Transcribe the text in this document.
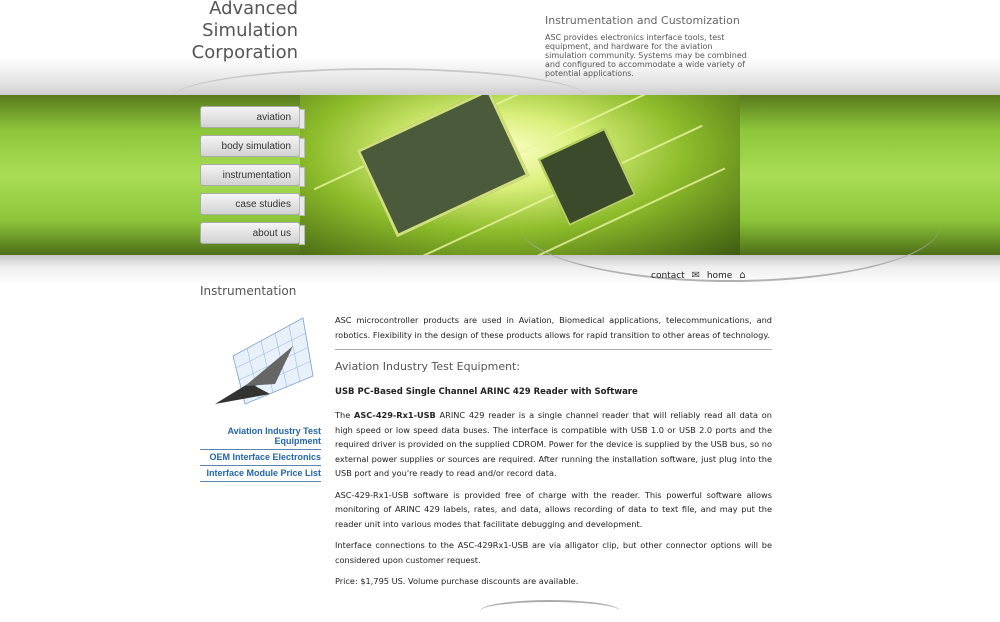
Advanced
Simulation
Corporation
Instrumentation and Customization
ASC provides electronics interface tools, test equipment, and hardware for the aviation simulation community. Systems may be combined and configured to accommodate a wide variety of potential applications.
aviation
body simulation
instrumentation
case studies
about us
contact ✉ home ⌂
Instrumentation
Aviation Industry Test Equipment
OEM Interface Electronics
Interface Module Price List

ASC microcontroller products are used in Aviation, Biomedical applications, telecommunications, and robotics. Flexibility in the design of these products allows for rapid transition to other areas of technology.

Aviation Industry Test Equipment:
USB PC-Based Single Channel ARINC 429 Reader with Software

The ASC-429-Rx1-USB ARINC 429 reader is a single channel reader that will reliably read all data on high speed or low speed data buses. The interface is compatible with USB 1.0 or USB 2.0 ports and the required driver is provided on the supplied CDROM. Power for the device is supplied by the USB bus, so no external power supplies or sources are required. After running the installation software, just plug into the USB port and you're ready to read and/or record data.

ASC-429-Rx1-USB software is provided free of charge with the reader. This powerful software allows monitoring of ARINC 429 labels, rates, and data, allows recording of data to text file, and may put the reader unit into various modes that facilitate debugging and development.

Interface connections to the ASC-429Rx1-USB are via alligator clip, but other connector options will be considered upon customer request.

Price: $1,795 US. Volume purchase discounts are available.
